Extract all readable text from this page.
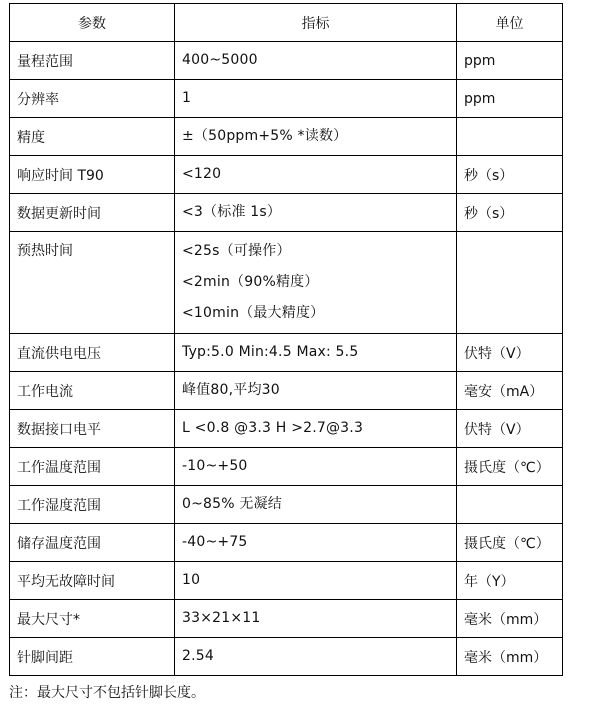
参数	指标	单位
量程范围	400~5000	ppm
分辨率	1	ppm
精度	±（50ppm+5% *读数）	

响应时间 T90	<120	秒（s）
数据更新时间	<3（标准 1s）	秒（s）
预热时间	<25s（可操作）
<2min（90%精度）
<10min（最大精度）	

直流供电电压	Typ:5.0 Min:4.5 Max: 5.5	伏特（V）
工作电流	峰值80,平均30	毫安（mA）
数据接口电平	L <0.8 @3.3 H >2.7@3.3	伏特（V）
工作温度范围	-10~+50	摄氏度（℃）
工作湿度范围	0~85% 无凝结	

储存温度范围	-40~+75	摄氏度（℃）
平均无故障时间	10	年（Y）
最大尺寸*	33×21×11	毫米（mm）
针脚间距	2.54	毫米（mm）
注：最大尺寸不包括针脚长度。
